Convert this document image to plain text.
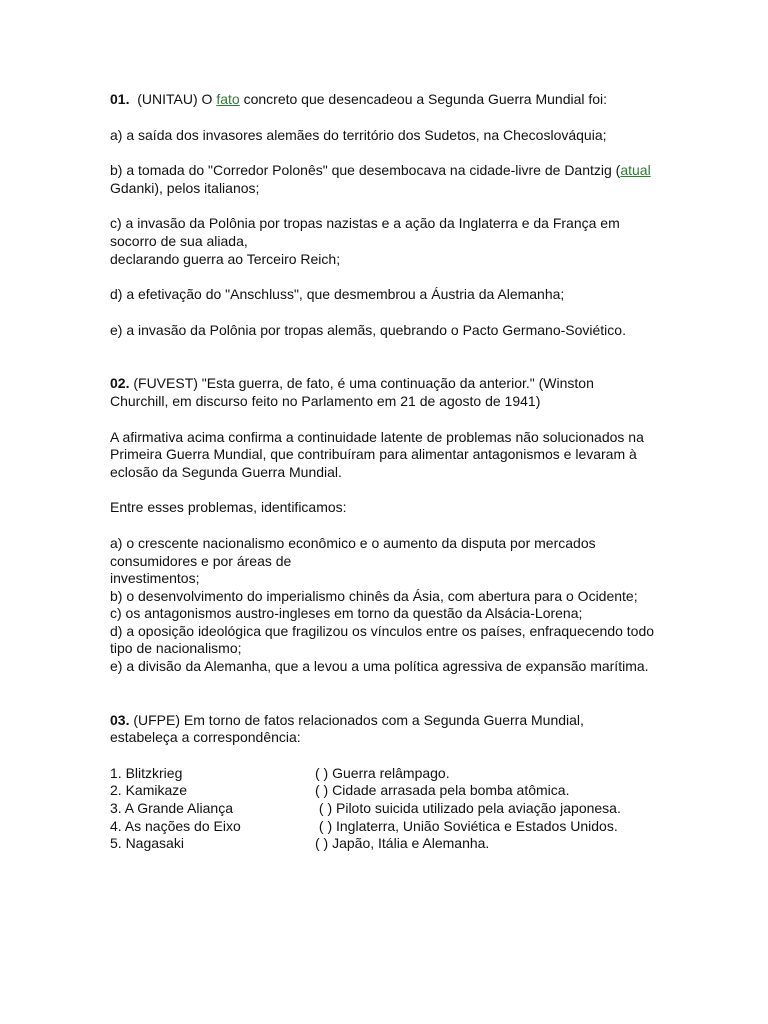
01. (UNITAU) O fato concreto que desencadeou a Segunda Guerra Mundial foi:

a) a saída dos invasores alemães do território dos Sudetos, na Checoslováquia;

b) a tomada do "Corredor Polonês" que desembocava na cidade-livre de Dantzig (atual Gdanki), pelos italianos;

c) a invasão da Polônia por tropas nazistas e a ação da Inglaterra e da França em socorro de sua aliada,

declarando guerra ao Terceiro Reich;

d) a efetivação do "Anschluss", que desmembrou a Áustria da Alemanha;

e) a invasão da Polônia por tropas alemãs, quebrando o Pacto Germano-Soviético.

02. (FUVEST) "Esta guerra, de fato, é uma continuação da anterior." (Winston Churchill, em discurso feito no Parlamento em 21 de agosto de 1941)

A afirmativa acima confirma a continuidade latente de problemas não solucionados na Primeira Guerra Mundial, que contribuíram para alimentar antagonismos e levaram à eclosão da Segunda Guerra Mundial.

Entre esses problemas, identificamos:

a) o crescente nacionalismo econômico e o aumento da disputa por mercados consumidores e por áreas de

investimentos;

b) o desenvolvimento do imperialismo chinês da Ásia, com abertura para o Ocidente;

c) os antagonismos austro-ingleses em torno da questão da Alsácia-Lorena;

d) a oposição ideológica que fragilizou os vínculos entre os países, enfraquecendo todo tipo de nacionalismo;

e) a divisão da Alemanha, que a levou a uma política agressiva de expansão marítima.

03. (UFPE) Em torno de fatos relacionados com a Segunda Guerra Mundial, estabeleça a correspondência:

1. Blitzkrieg	( ) Guerra relâmpago.

2. Kamikaze	( ) Cidade arrasada pela bomba atômica.

3. A Grande Aliança	( ) Piloto suicida utilizado pela aviação japonesa.

4. As nações do Eixo	( ) Inglaterra, União Soviética e Estados Unidos.

5. Nagasaki	( ) Japão, Itália e Alemanha.
